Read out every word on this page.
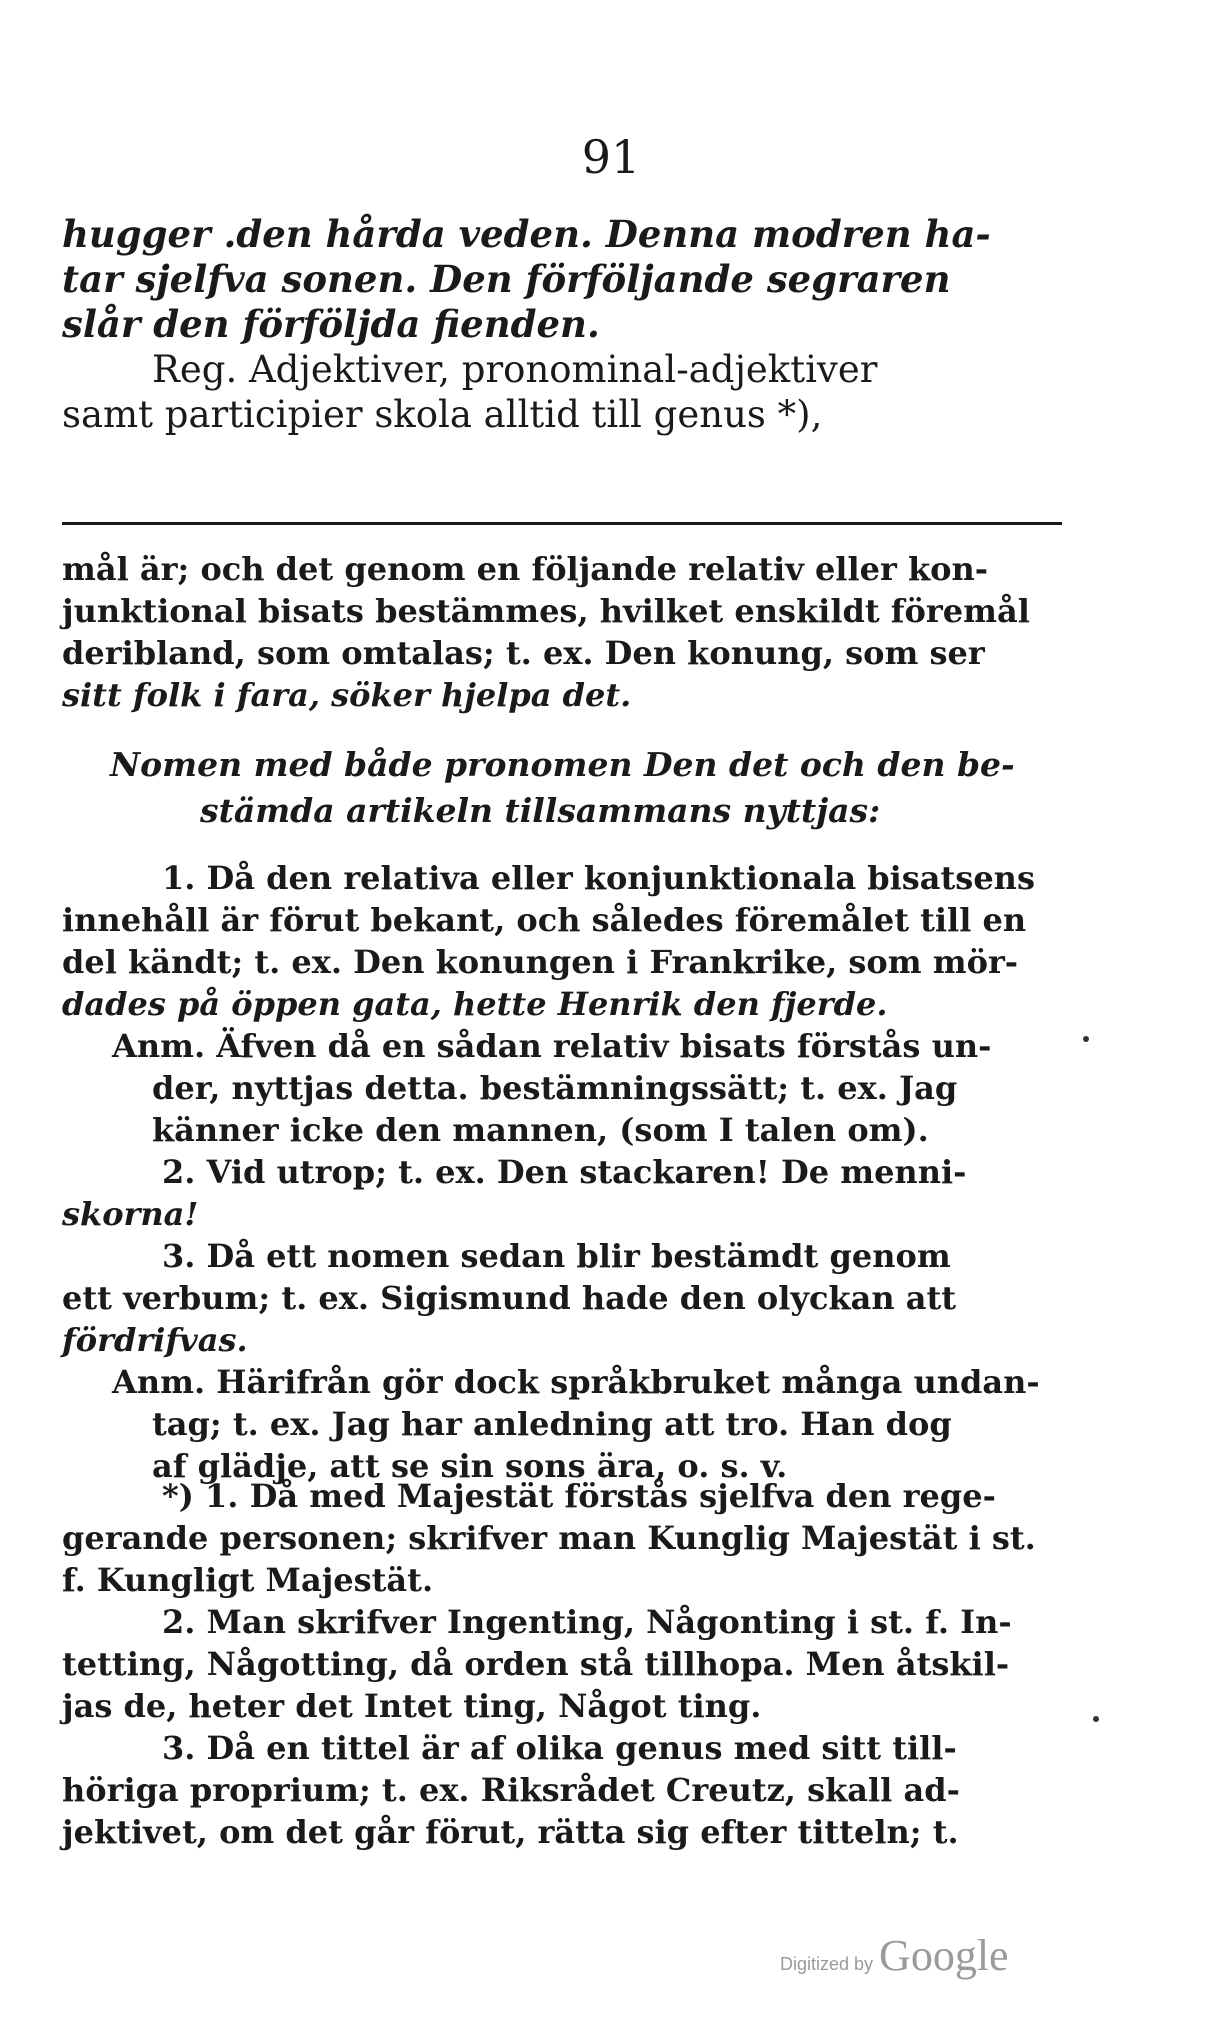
91

hugger .den hårda veden. Denna modren ha-

tar sjelfva sonen. Den förföljande segraren

slår den förföljda fienden.

Reg. Adjektiver, pronominal-adjektiver

samt participier skola alltid till genus *),

mål är; och det genom en följande relativ eller kon-

junktional bisats bestämmes, hvilket enskildt föremål

deribland, som omtalas; t. ex. Den konung, som ser

sitt folk i fara, söker hjelpa det.

Nomen med både pronomen Den det och den be-
stämda artikeln tillsammans nyttjas:

1. Då den relativa eller konjunktionala bisatsens

innehåll är förut bekant, och således föremålet till en

del kändt; t. ex. Den konungen i Frankrike, som mör-

dades på öppen gata, hette Henrik den fjerde.

Anm. Äfven då en sådan relativ bisats förstås un-

der, nyttjas detta. bestämningssätt; t. ex. Jag

känner icke den mannen, (som I talen om).

2. Vid utrop; t. ex. Den stackaren! De menni-

skorna!

3. Då ett nomen sedan blir bestämdt genom

ett verbum; t. ex. Sigismund hade den olyckan att

fördrifvas.

Anm. Härifrån gör dock språkbruket många undan-

tag; t. ex. Jag har anledning att tro. Han dog

af glädje, att se sin sons ära, o. s. v.

*) 1. Då med Majestät förstås sjelfva den rege-

gerande personen; skrifver man Kunglig Majestät i st.

f. Kungligt Majestät.

2. Man skrifver Ingenting, Någonting i st. f. In-

tetting, Någotting, då orden stå tillhopa. Men åtskil-

jas de, heter det Intet ting, Något ting.

3. Då en tittel är af olika genus med sitt till-

höriga proprium; t. ex. Riksrådet Creutz, skall ad-

jektivet, om det går förut, rätta sig efter titteln; t.

Digitized by Google
